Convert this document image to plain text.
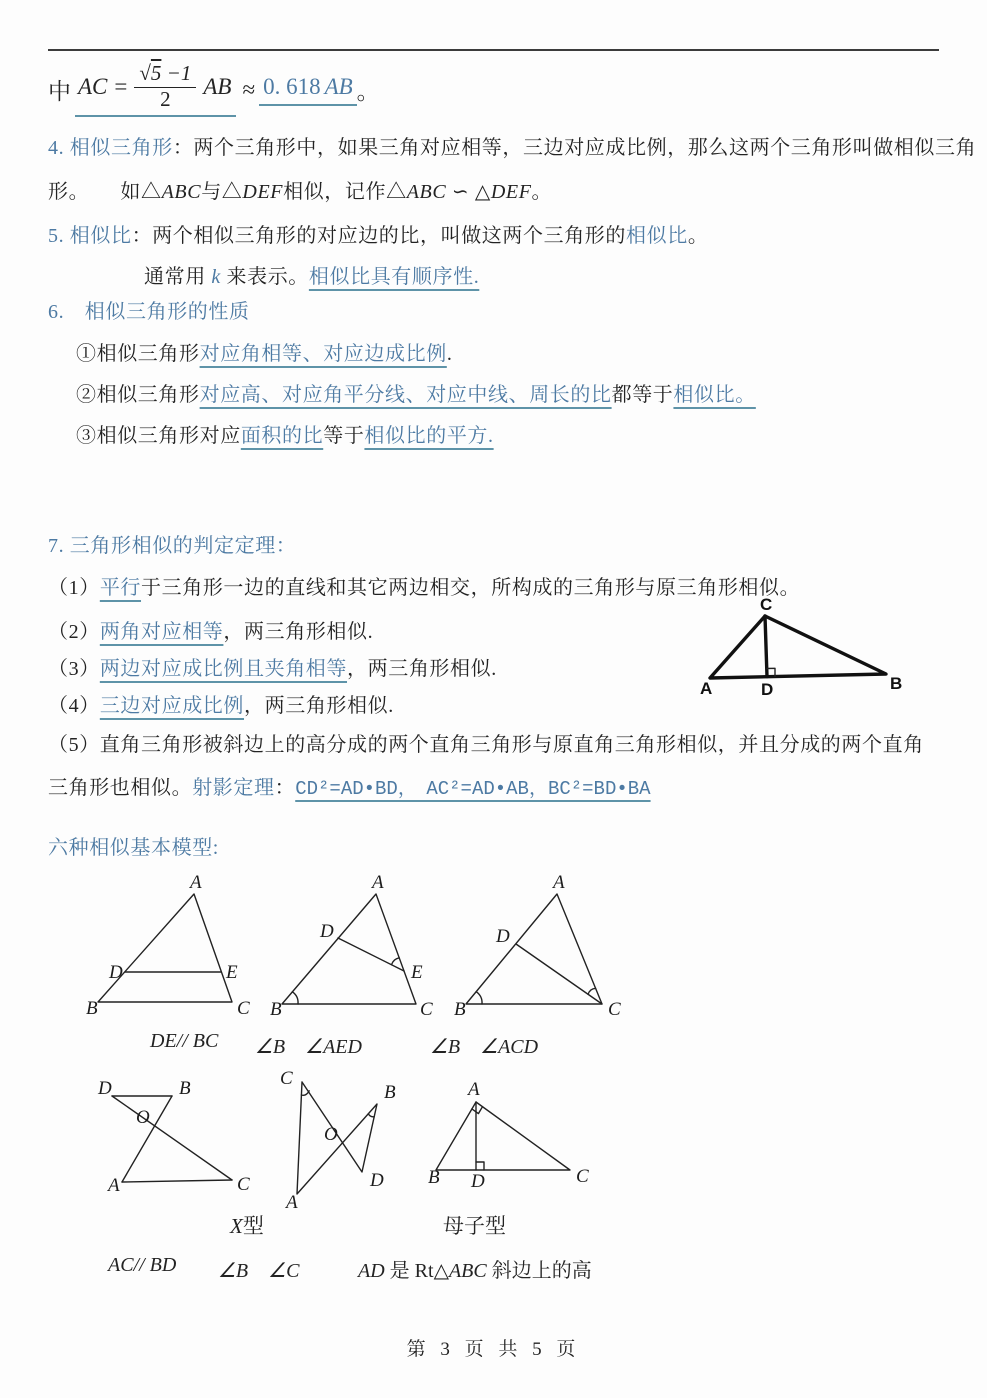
中 AC = $\frac{√5 -1}{2}$ AB ≈ 0. 618 AB 。
4. 相似三角形：两个三角形中，如果三角对应相等，三边对应成比例，那么这两个三角形叫做相似三角
形。　　如△ABC与△DEF相似，记作△ABC ∽ △DEF。
5. 相似比：两个相似三角形的对应边的比，叫做这两个三角形的相似比。
通常用 k 来表示。相似比具有顺序性.
6.　相似三角形的性质
①相似三角形对应角相等、对应边成比例.
②相似三角形对应高、对应角平分线、对应中线、周长的比都等于相似比。
③相似三角形对应面积的比等于相似比的平方.
7. 三角形相似的判定定理：
（1）平行于三角形一边的直线和其它两边相交，所构成的三角形与原三角形相似。
（2）两角对应相等，两三角形相似.
（3）两边对应成比例且夹角相等，两三角形相似.
（4）三边对应成比例，两三角形相似.
（5）直角三角形被斜边上的高分成的两个直角三角形与原直角三角形相似，并且分成的两个直角
三角形也相似。射影定理：CD²=AD•BD，　AC²=AD•AB，BC²=BD•BA
C
A	D	B
六种相似基本模型:
A
B	C
D	E
A
B	C
D
E
A
B	C
D
DE// BC ∠B　∠AED	∠B　∠ACD
D	B
O
A	C
C
A
B
D
O
A
B D	C
X型	母子型
AC// BD ∠B　∠C	AD 是 Rt△ABC 斜边上的高
第 3 页 共 5 页
